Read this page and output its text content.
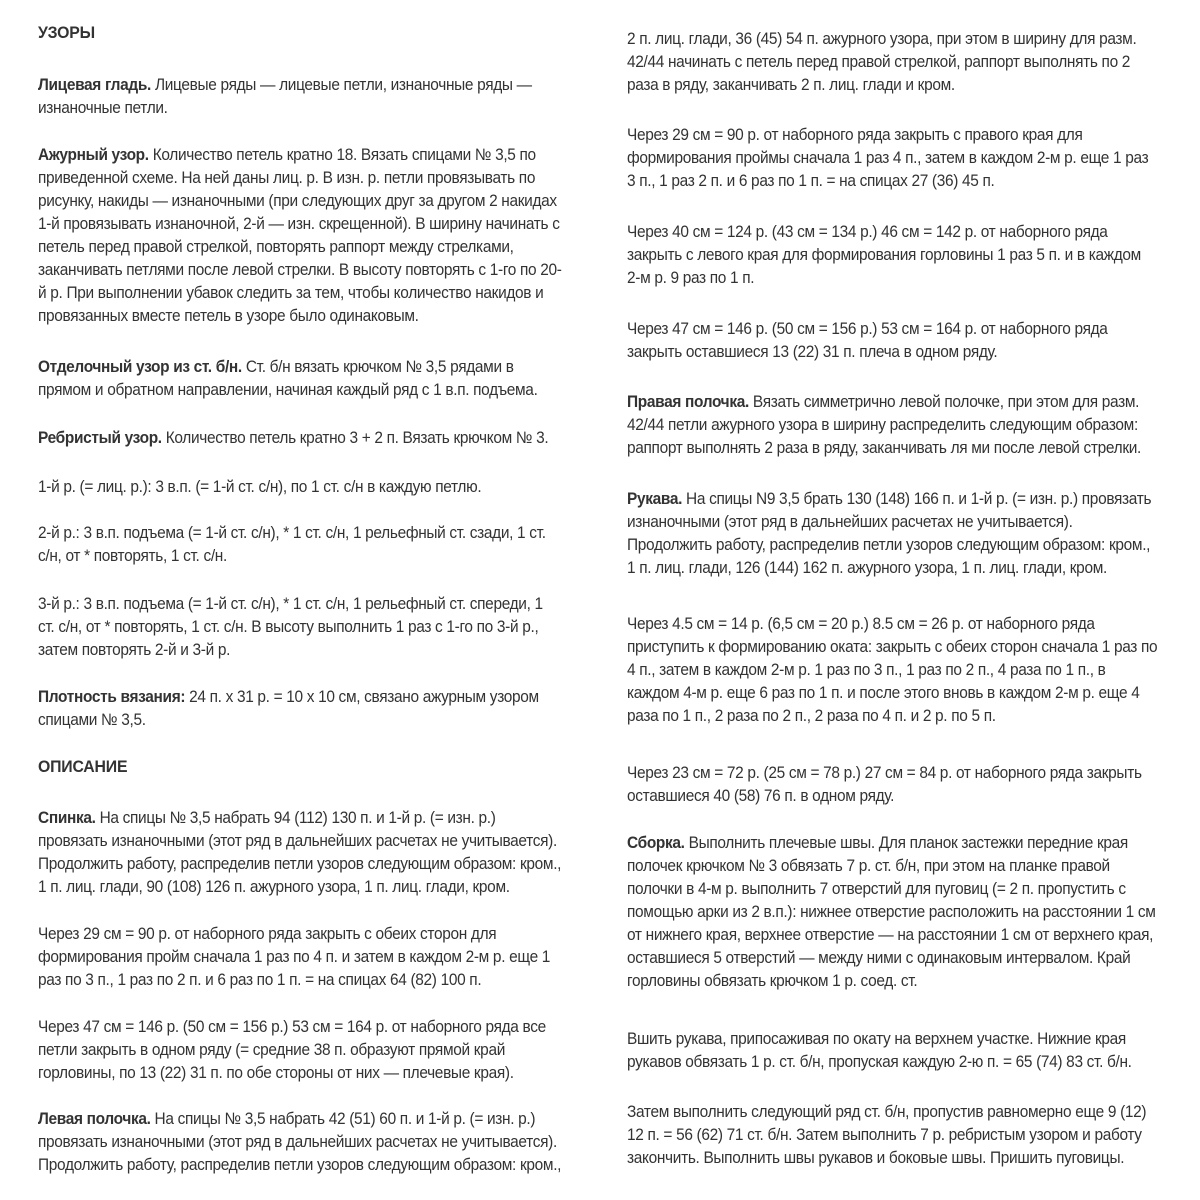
УЗОРЫ

Лицевая гладь. Лицевые ряды — лицевые петли, изнаночные ряды —
изнаночные петли.

Ажурный узор. Количество петель кратно 18. Вязать спицами № 3,5 по
приведенной схеме. На ней даны лиц. р. В изн. р. петли провязывать по
рисунку, накиды — изнаночными (при следующих друг за другом 2 накидах
1-й провязывать изнаночной, 2-й — изн. скрещенной). В ширину начинать с
петель перед правой стрелкой, повторять раппорт между стрелками,
заканчивать петлями после левой стрелки. В высоту повторять с 1-го по 20-
й р. При выполнении убавок следить за тем, чтобы количество накидов и
провязанных вместе петель в узоре было одинаковым.

Отделочный узор из ст. б/н. Ст. б/н вязать крючком № 3,5 рядами в
прямом и обратном направлении, начиная каждый ряд с 1 в.п. подъема.

Ребристый узор. Количество петель кратно 3 + 2 п. Вязать крючком № 3.

1-й р. (= лиц. р.): 3 в.п. (= 1-й ст. с/н), по 1 ст. с/н в каждую петлю.

2-й р.: 3 в.п. подъема (= 1-й ст. с/н), * 1 ст. с/н, 1 рельефный ст. сзади, 1 ст.
с/н, от * повторять, 1 ст. с/н.

3-й р.: 3 в.п. подъема (= 1-й ст. с/н), * 1 ст. с/н, 1 рельефный ст. спереди, 1
ст. с/н, от * повторять, 1 ст. с/н. В высоту выполнить 1 раз с 1-го по 3-й р.,
затем повторять 2-й и 3-й р.

Плотность вязания: 24 п. х 31 р. = 10 х 10 см, связано ажурным узором
спицами № 3,5.

ОПИСАНИЕ

Спинка. На спицы № 3,5 набрать 94 (112) 130 п. и 1-й р. (= изн. р.)
провязать изнаночными (этот ряд в дальнейших расчетах не учитывается).
Продолжить работу, распределив петли узоров следующим образом: кром.,
1 п. лиц. глади, 90 (108) 126 п. ажурного узора, 1 п. лиц. глади, кром.

Через 29 см = 90 р. от наборного ряда закрыть с обеих сторон для
формирования пройм сначала 1 раз по 4 п. и затем в каждом 2-м р. еще 1
раз по 3 п., 1 раз по 2 п. и 6 раз по 1 п. = на спицах 64 (82) 100 п.

Через 47 см = 146 р. (50 см = 156 р.) 53 см = 164 р. от наборного ряда все
петли закрыть в одном ряду (= средние 38 п. образуют прямой край
горловины, по 13 (22) 31 п. по обе стороны от них — плечевые края).

Левая полочка. На спицы № 3,5 набрать 42 (51) 60 п. и 1-й р. (= изн. р.)
провязать изнаночными (этот ряд в дальнейших расчетах не учитывается).
Продолжить работу, распределив петли узоров следующим образом: кром.,

2 п. лиц. глади, 36 (45) 54 п. ажурного узора, при этом в ширину для разм.
42/44 начинать с петель перед правой стрелкой, раппорт выполнять по 2
раза в ряду, заканчивать 2 п. лиц. глади и кром.

Через 29 см = 90 р. от наборного ряда закрыть с правого края для
формирования проймы сначала 1 раз 4 п., затем в каждом 2-м р. еще 1 раз
3 п., 1 раз 2 п. и 6 раз по 1 п. = на спицах 27 (36) 45 п.

Через 40 см = 124 р. (43 см = 134 р.) 46 см = 142 р. от наборного ряда
закрыть с левого края для формирования горловины 1 раз 5 п. и в каждом
2-м р. 9 раз по 1 п.

Через 47 см = 146 р. (50 см = 156 р.) 53 см = 164 р. от наборного ряда
закрыть оставшиеся 13 (22) 31 п. плеча в одном ряду.

Правая полочка. Вязать симметрично левой полочке, при этом для разм.
42/44 петли ажурного узора в ширину распределить следующим образом:
раппорт выполнять 2 раза в ряду, заканчивать ля ми после левой стрелки.

Рукава. На спицы N9 3,5 брать 130 (148) 166 п. и 1-й р. (= изн. р.) провязать
изнаночными (этот ряд в дальнейших расчетах не учитывается).
Продолжить работу, распределив петли узоров следующим образом: кром.,
1 п. лиц. глади, 126 (144) 162 п. ажурного узора, 1 п. лиц. глади, кром.

Через 4.5 см = 14 р. (6,5 см = 20 р.) 8.5 см = 26 р. от наборного ряда
приступить к формированию оката: закрыть с обеих сторон сначала 1 раз по
4 п., затем в каждом 2-м р. 1 раз по 3 п., 1 раз по 2 п., 4 раза по 1 п., в
каждом 4-м р. еще 6 раз по 1 п. и после этого вновь в каждом 2-м р. еще 4
раза по 1 п., 2 раза по 2 п., 2 раза по 4 п. и 2 р. по 5 п.

Через 23 см = 72 р. (25 см = 78 р.) 27 см = 84 р. от наборного ряда закрыть
оставшиеся 40 (58) 76 п. в одном ряду.

Сборка. Выполнить плечевые швы. Для планок застежки передние края
полочек крючком № 3 обвязать 7 р. ст. б/н, при этом на планке правой
полочки в 4-м р. выполнить 7 отверстий для пуговиц (= 2 п. пропустить с
помощью арки из 2 в.п.): нижнее отверстие расположить на расстоянии 1 см
от нижнего края, верхнее отверстие — на расстоянии 1 см от верхнего края,
оставшиеся 5 отверстий — между ними с одинаковым интервалом. Край
горловины обвязать крючком 1 р. соед. ст.

Вшить рукава, припосаживая по окату на верхнем участке. Нижние края
рукавов обвязать 1 р. ст. б/н, пропуская каждую 2-ю п. = 65 (74) 83 ст. б/н.

Затем выполнить следующий ряд ст. б/н, пропустив равномерно еще 9 (12)
12 п. = 56 (62) 71 ст. б/н. Затем выполнить 7 р. ребристым узором и работу
закончить. Выполнить швы рукавов и боковые швы. Пришить пуговицы.
